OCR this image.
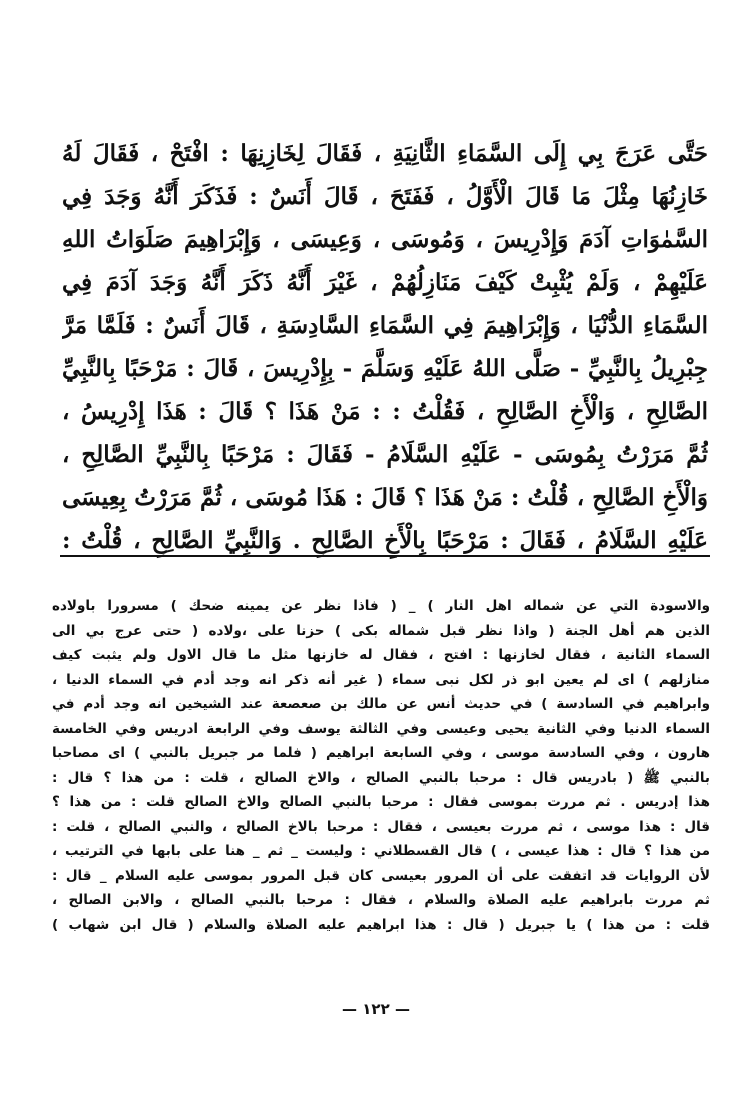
حَتَّى عَرَجَ بِي إِلَى السَّمَاءِ الثَّانِيَةِ ، فَقَالَ لِخَازِنِهَا : افْتَحْ ، فَقَالَ لَهُ
خَازِنُهَا مِثْلَ مَا قَالَ الْأَوَّلُ ، فَفَتَحَ ، قَالَ أَنَسٌ : فَذَكَرَ أَنَّهُ وَجَدَ فِي
السَّمٰوَاتِ آدَمَ وَإِدْرِيسَ ، وَمُوسَى ، وَعِيسَى ، وَإِبْرَاهِيمَ صَلَوَاتُ اللهِ
عَلَيْهِمْ ، وَلَمْ يُثْبِتْ كَيْفَ مَنَازِلُهُمْ ، غَيْرَ أَنَّهُ ذَكَرَ أَنَّهُ وَجَدَ آدَمَ فِي
السَّمَاءِ الدُّنْيَا ، وَإِبْرَاهِيمَ فِي السَّمَاءِ السَّادِسَةِ ، قَالَ أَنَسٌ : فَلَمَّا مَرَّ
جِبْرِيلُ بِالنَّبِيِّ - صَلَّى اللهُ عَلَيْهِ وَسَلَّمَ - بِإِدْرِيسَ ، قَالَ : مَرْحَبًا بِالنَّبِيِّ
الصَّالِحِ ، وَالْأَخِ الصَّالِحِ ، فَقُلْتُ : : مَنْ هَذَا ؟ قَالَ : هَذَا إِدْرِيسُ ،
ثُمَّ مَرَرْتُ بِمُوسَى - عَلَيْهِ السَّلَامُ - فَقَالَ : مَرْحَبًا بِالنَّبِيِّ الصَّالِحِ ،
وَالْأَخِ الصَّالِحِ ، قُلْتُ : مَنْ هَذَا ؟ قَالَ : هَذَا مُوسَى ، ثُمَّ مَرَرْتُ بِعِيسَى
عَلَيْهِ السَّلَامُ ، فَقَالَ : مَرْحَبًا بِالْأَخِ الصَّالِحِ . وَالنَّبِيِّ الصَّالِحِ ، قُلْتُ :
والاسودة التي عن شماله اهل النار ) _ ( فاذا نظر عن يمينه ضحك ) مسرورا باولاده
الذين هم أهل الجنة ( واذا نظر قبل شماله بكى ) حزنا على ،ولاده ( حتى عرج بي الى
السماء الثانية ، فقال لخازنها : افتح ، فقال له خازنها مثل ما قال الاول ولم يثبت كيف
منازلهم ) اى لم يعين ابو ذر لكل نبى سماء ( غير أنه ذكر انه وجد أدم في السماء الدنيا ،
وابراهيم في السادسة ) في حديث أنس عن مالك بن صعصعة عند الشيخين انه وجد أدم في
السماء الدنيا وفي الثانية يحيى وعيسى وفي الثالثة يوسف وفي الرابعة ادريس وفي الخامسة
هارون ، وفي السادسة موسى ، وفي السابعة ابراهيم ( فلما مر جبريل بالنبي ) اى مصاحبا
بالنبي ﷺ ( بادريس قال : مرحبا بالنبي الصالح ، والاخ الصالح ، قلت : من هذا ؟ قال :
هذا إدريس . ثم مررت بموسى فقال : مرحبا بالنبي الصالح والاخ الصالح قلت : من هذا ؟
قال : هذا موسى ، ثم مررت بعيسى ، فقال : مرحبا بالاخ الصالح ، والنبي الصالح ، قلت :
من هذا ؟ قال : هذا عيسى ، ) قال القسطلاني : وليست _ ثم _ هنا على بابها في الترتيب ،
لأن الروايات قد اتفقت على أن المرور بعيسى كان قبل المرور بموسى عليه السلام _ قال :
ثم مررت بابراهيم عليه الصلاة والسلام ، فقال : مرحبا بالنبي الصالح ، والابن الصالح ،
قلت : من هذا ) يا جبريل ( قال : هذا ابراهيم عليه الصلاة والسلام ( قال ابن شهاب )
— ١٢٢ —
